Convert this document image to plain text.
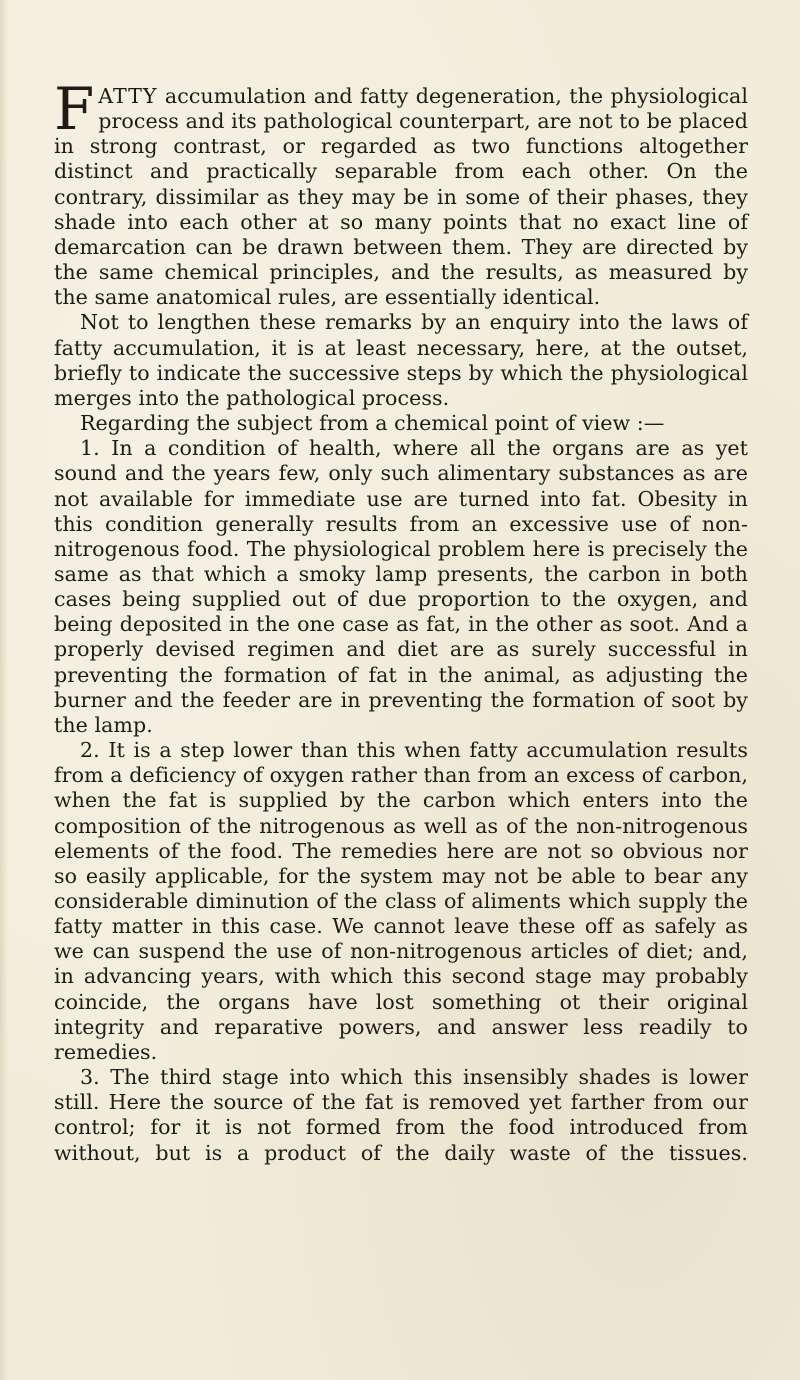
FATTY accumulation and fatty degeneration, the physiological process and its pathological counterpart, are not to be placed in strong contrast, or regarded as two functions altogether distinct and practically separable from each other. On the contrary, dissimilar as they may be in some of their phases, they shade into each other at so many points that no exact line of demarcation can be drawn between them. They are directed by the same chemical principles, and the results, as measured by the same anatomical rules, are essentially identical.

Not to lengthen these remarks by an enquiry into the laws of fatty accumulation, it is at least necessary, here, at the outset, briefly to indicate the successive steps by which the physiological merges into the pathological process.

Regarding the subject from a chemical point of view :—

1. In a condition of health, where all the organs are as yet sound and the years few, only such alimentary substances as are not available for immediate use are turned into fat. Obesity in this condition generally results from an excessive use of non-nitrogenous food. The physiological problem here is precisely the same as that which a smoky lamp presents, the carbon in both cases being supplied out of due proportion to the oxygen, and being deposited in the one case as fat, in the other as soot. And a properly devised regimen and diet are as surely successful in preventing the formation of fat in the animal, as adjusting the burner and the feeder are in preventing the formation of soot by the lamp.

2. It is a step lower than this when fatty accumulation results from a deficiency of oxygen rather than from an excess of carbon, when the fat is supplied by the carbon which enters into the composition of the nitrogenous as well as of the non-nitrogenous elements of the food. The remedies here are not so obvious nor so easily applicable, for the system may not be able to bear any considerable diminution of the class of aliments which supply the fatty matter in this case. We cannot leave these off as safely as we can suspend the use of non-nitrogenous articles of diet; and, in advancing years, with which this second stage may probably coincide, the organs have lost something ot their original integrity and reparative powers, and answer less readily to remedies.

3. The third stage into which this insensibly shades is lower still. Here the source of the fat is removed yet farther from our control; for it is not formed from the food introduced from without, but is a product of the daily waste of the tissues.
